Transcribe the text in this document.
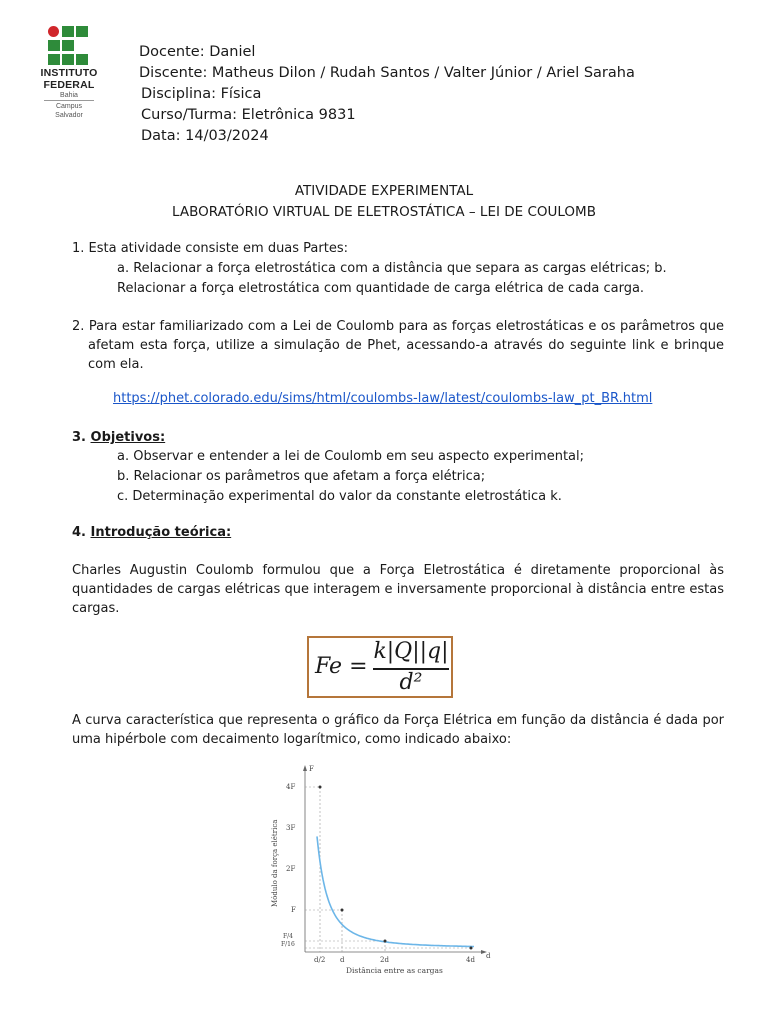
INSTITUTO
FEDERAL
Bahia
Campus
Salvador
Docente: Daniel
Discente: Matheus Dilon / Rudah Santos / Valter Júnior / Ariel Saraha
Disciplina: Física
Curso/Turma: Eletrônica 9831
Data: 14/03/2024
ATIVIDADE EXPERIMENTAL
LABORATÓRIO VIRTUAL DE ELETROSTÁTICA – LEI DE COULOMB
1. Esta atividade consiste em duas Partes:
a. Relacionar a força eletrostática com a distância que separa as cargas elétricas; b.
Relacionar a força eletrostática com quantidade de carga elétrica de cada carga.
2. Para estar familiarizado com a Lei de Coulomb para as forças eletrostáticas e os parâmetros que afetam esta força, utilize a simulação de Phet, acessando-a através do seguinte link e brinque com ela.
https://phet.colorado.edu/sims/html/coulombs-law/latest/coulombs-law_pt_BR.html
3. Objetivos:
a. Observar e entender a lei de Coulomb em seu aspecto experimental;
b. Relacionar os parâmetros que afetam a força elétrica;
c. Determinação experimental do valor da constante eletrostática k.
4. Introdução teórica:
Charles Augustin Coulomb formulou que a Força Eletrostática é diretamente proporcional às quantidades de cargas elétricas que interagem e inversamente proporcional à distância entre estas cargas.
Fe =
k|Q||q|
d²
A curva característica que representa o gráfico da Força Elétrica em função da distância é dada por uma hipérbole com decaimento logarítmico, como indicado abaixo:
F
d
4F
3F
2F
F
F/4
F/16
d/2 d	2d	4d
Distância entre as cargas
Módulo da força elétrica
